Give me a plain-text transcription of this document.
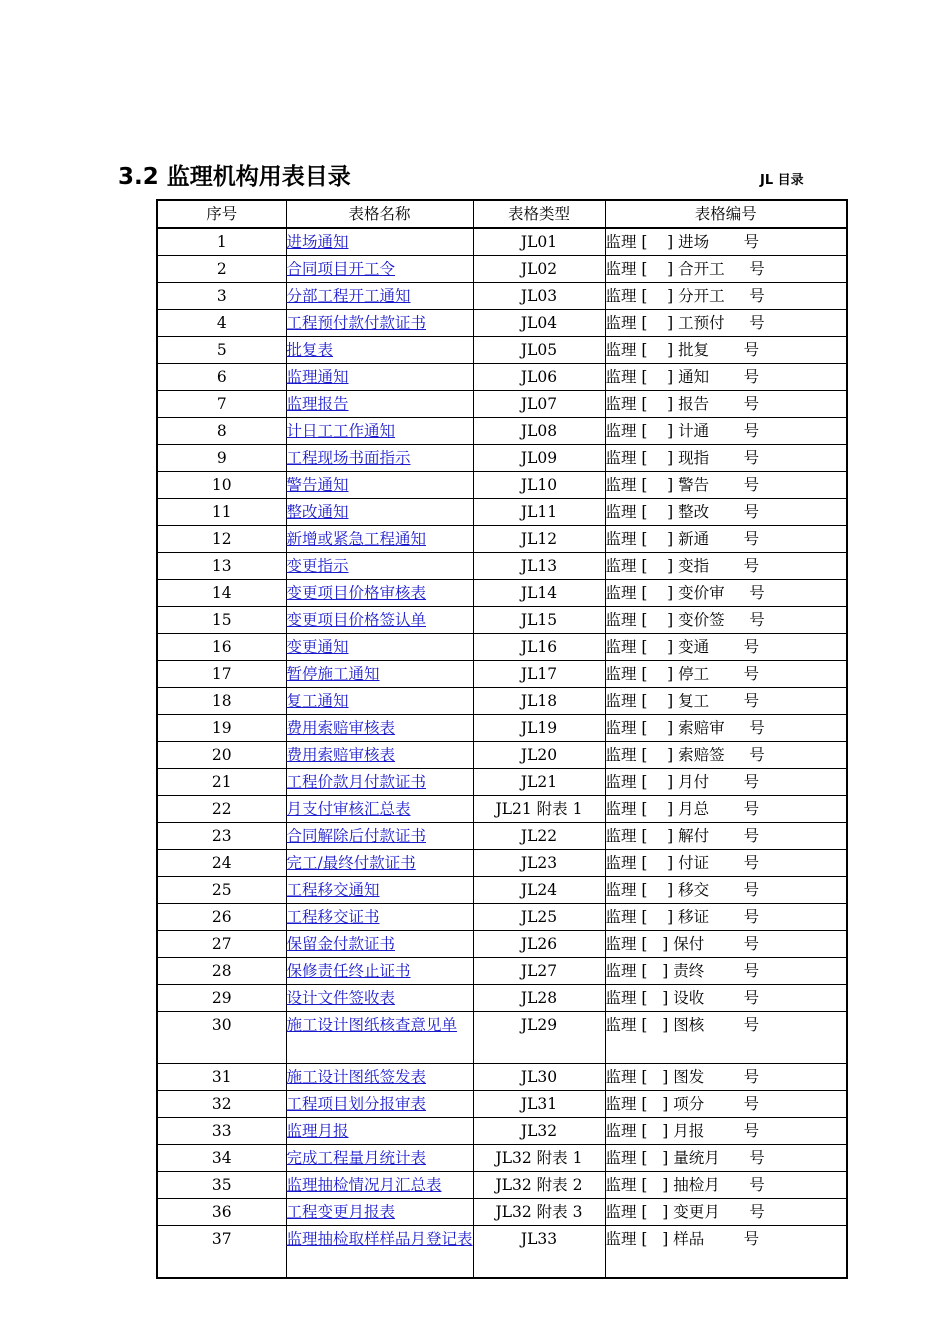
3.2 监理机构用表目录	JL 目录
序号	表格名称	表格类型	表格编号
1	进场通知	JL01	监理 [    ] 进场       号
2	合同项目开工令	JL02	监理 [    ] 合开工     号
3	分部工程开工通知	JL03	监理 [    ] 分开工     号
4	工程预付款付款证书	JL04	监理 [    ] 工预付     号
5	批复表	JL05	监理 [    ] 批复       号
6	监理通知	JL06	监理 [    ] 通知       号
7	监理报告	JL07	监理 [    ] 报告       号
8	计日工工作通知	JL08	监理 [    ] 计通       号
9	工程现场书面指示	JL09	监理 [    ] 现指       号
10	警告通知	JL10	监理 [    ] 警告       号
11	整改通知	JL11	监理 [    ] 整改       号
12	新增或紧急工程通知	JL12	监理 [    ] 新通       号
13	变更指示	JL13	监理 [    ] 变指       号
14	变更项目价格审核表	JL14	监理 [    ] 变价审     号
15	变更项目价格签认单	JL15	监理 [    ] 变价签     号
16	变更通知	JL16	监理 [    ] 变通       号
17	暂停施工通知	JL17	监理 [    ] 停工       号
18	复工通知	JL18	监理 [    ] 复工       号
19	费用索赔审核表	JL19	监理 [    ] 索赔审     号
20	费用索赔审核表	JL20	监理 [    ] 索赔签     号
21	工程价款月付款证书	JL21	监理 [    ] 月付       号
22	月支付审核汇总表	JL21 附表 1	监理 [    ] 月总       号
23	合同解除后付款证书	JL22	监理 [    ] 解付       号
24	完工/最终付款证书	JL23	监理 [    ] 付证       号
25	工程移交通知	JL24	监理 [    ] 移交       号
26	工程移交证书	JL25	监理 [    ] 移证       号
27	保留金付款证书	JL26	监理 [   ] 保付        号
28	保修责任终止证书	JL27	监理 [   ] 责终        号
29	设计文件签收表	JL28	监理 [   ] 设收        号
30	施工设计图纸核查意见单	JL29	监理 [   ] 图核        号
31	施工设计图纸签发表	JL30	监理 [   ] 图发        号
32	工程项目划分报审表	JL31	监理 [   ] 项分        号
33	监理月报	JL32	监理 [   ] 月报        号
34	完成工程量月统计表	JL32 附表 1	监理 [   ] 量统月      号
35	监理抽检情况月汇总表	JL32 附表 2	监理 [   ] 抽检月      号
36	工程变更月报表	JL32 附表 3	监理 [   ] 变更月      号
37	监理抽检取样样品月登记表	JL33	监理 [   ] 样品        号
